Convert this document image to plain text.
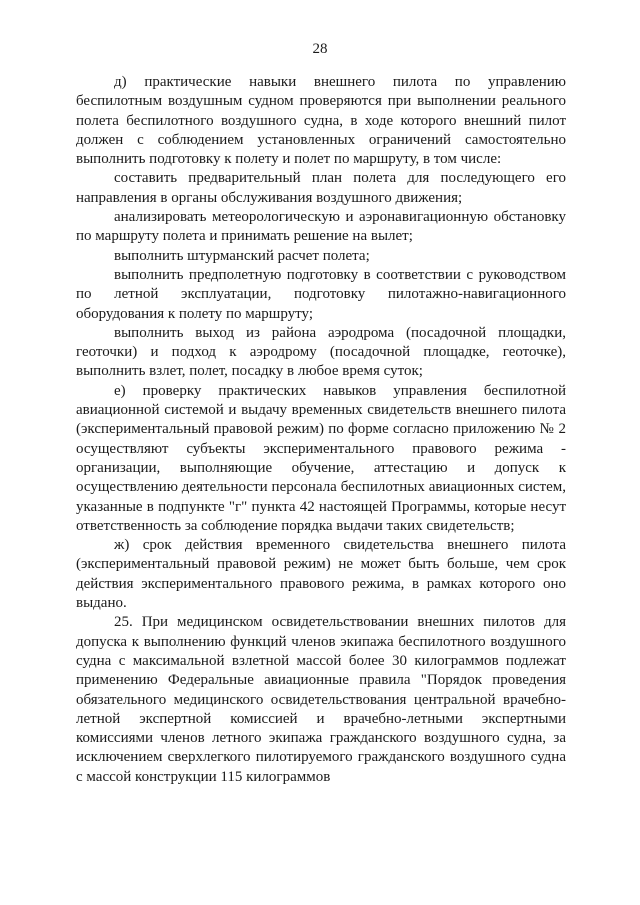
28

д) практические навыки внешнего пилота по управлению беспилотным воздушным судном проверяются при выполнении реального полета беспилотного воздушного судна, в ходе которого внешний пилот должен с соблюдением установленных ограничений самостоятельно выполнить подготовку к полету и полет по маршруту, в том числе:

составить предварительный план полета для последующего его направления в органы обслуживания воздушного движения;

анализировать метеорологическую и аэронавигационную обстановку по маршруту полета и принимать решение на вылет;

выполнить штурманский расчет полета;

выполнить предполетную подготовку в соответствии с руководством по летной эксплуатации, подготовку пилотажно-навигационного оборудования к полету по маршруту;

выполнить выход из района аэродрома (посадочной площадки, геоточки) и подход к аэродрому (посадочной площадке, геоточке), выполнить взлет, полет, посадку в любое время суток;

е) проверку практических навыков управления беспилотной авиационной системой и выдачу временных свидетельств внешнего пилота (экспериментальный правовой режим) по форме согласно приложению № 2 осуществляют субъекты экспериментального правового режима - организации, выполняющие обучение, аттестацию и допуск к осуществлению деятельности персонала беспилотных авиационных систем, указанные в подпункте "г" пункта 42 настоящей Программы, которые несут ответственность за соблюдение порядка выдачи таких свидетельств;

ж) срок действия временного свидетельства внешнего пилота (экспериментальный правовой режим) не может быть больше, чем срок действия экспериментального правового режима, в рамках которого оно выдано.

25. При медицинском освидетельствовании внешних пилотов для допуска к выполнению функций членов экипажа беспилотного воздушного судна с максимальной взлетной массой более 30 килограммов подлежат применению Федеральные авиационные правила "Порядок проведения обязательного медицинского освидетельствования центральной врачебно-летной экспертной комиссией и врачебно-летными экспертными комиссиями членов летного экипажа гражданского воздушного судна, за исключением сверхлегкого пилотируемого гражданского воздушного судна с массой конструкции 115 килограммов
